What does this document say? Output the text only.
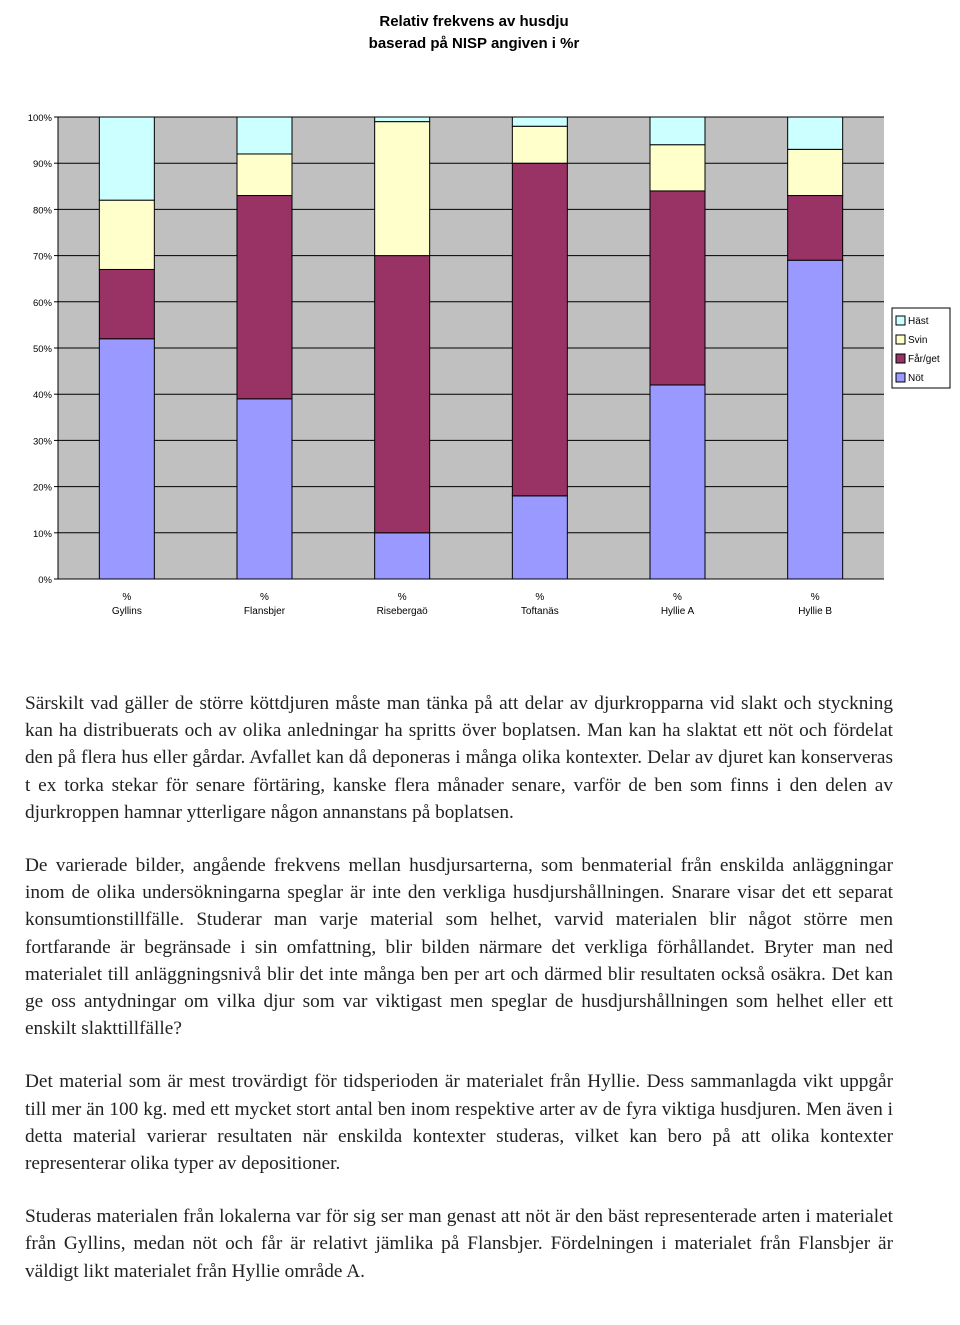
Relativ frekvens av husdju
baserad på NISP angiven i %r
0%
10%
20%
30%
40%
50%
60%
70%
80%
90%
100%
%
Gyllins
%
Flansbjer
%
Risebergaö
%
Toftanäs
%
Hyllie A
%
Hyllie B
Häst
Svin
Får/get
Nöt

Särskilt vad gäller de större köttdjuren måste man tänka på att delar av djurkropparna vid slakt och styckning kan ha distribuerats och av olika anledningar ha spritts över boplatsen. Man kan ha slaktat ett nöt och fördelat den på flera hus eller gårdar. Avfallet kan då deponeras i många olika kontexter. Delar av djuret kan konserveras t ex torka stekar för senare förtäring, kanske flera månader senare, varför de ben som finns i den delen av djurkroppen hamnar ytterligare någon annanstans på boplatsen.

De varierade bilder, angående frekvens mellan husdjursarterna, som benmaterial från enskilda anläggningar inom de olika undersökningarna speglar är inte den verkliga husdjurshållningen. Snarare visar det ett separat konsumtionstillfälle. Studerar man varje material som helhet, varvid materialen blir något större men fortfarande är begränsade i sin omfattning, blir bilden närmare det verkliga förhållandet. Bryter man ned materialet till anläggningsnivå blir det inte många ben per art och därmed blir resultaten också osäkra. Det kan ge oss antydningar om vilka djur som var viktigast men speglar de husdjurshållningen som helhet eller ett enskilt slakttillfälle?

Det material som är mest trovärdigt för tidsperioden är materialet från Hyllie. Dess sammanlagda vikt uppgår till mer än 100 kg. med ett mycket stort antal ben inom respektive arter av de fyra viktiga husdjuren. Men även i detta material varierar resultaten när enskilda kontexter studeras, vilket kan bero på att olika kontexter representerar olika typer av depositioner.

Studeras materialen från lokalerna var för sig ser man genast att nöt är den bäst representerade arten i materialet från Gyllins, medan nöt och får är relativt jämlika på Flansbjer. Fördelningen i materialet från Flansbjer är väldigt likt materialet från Hyllie område A.
